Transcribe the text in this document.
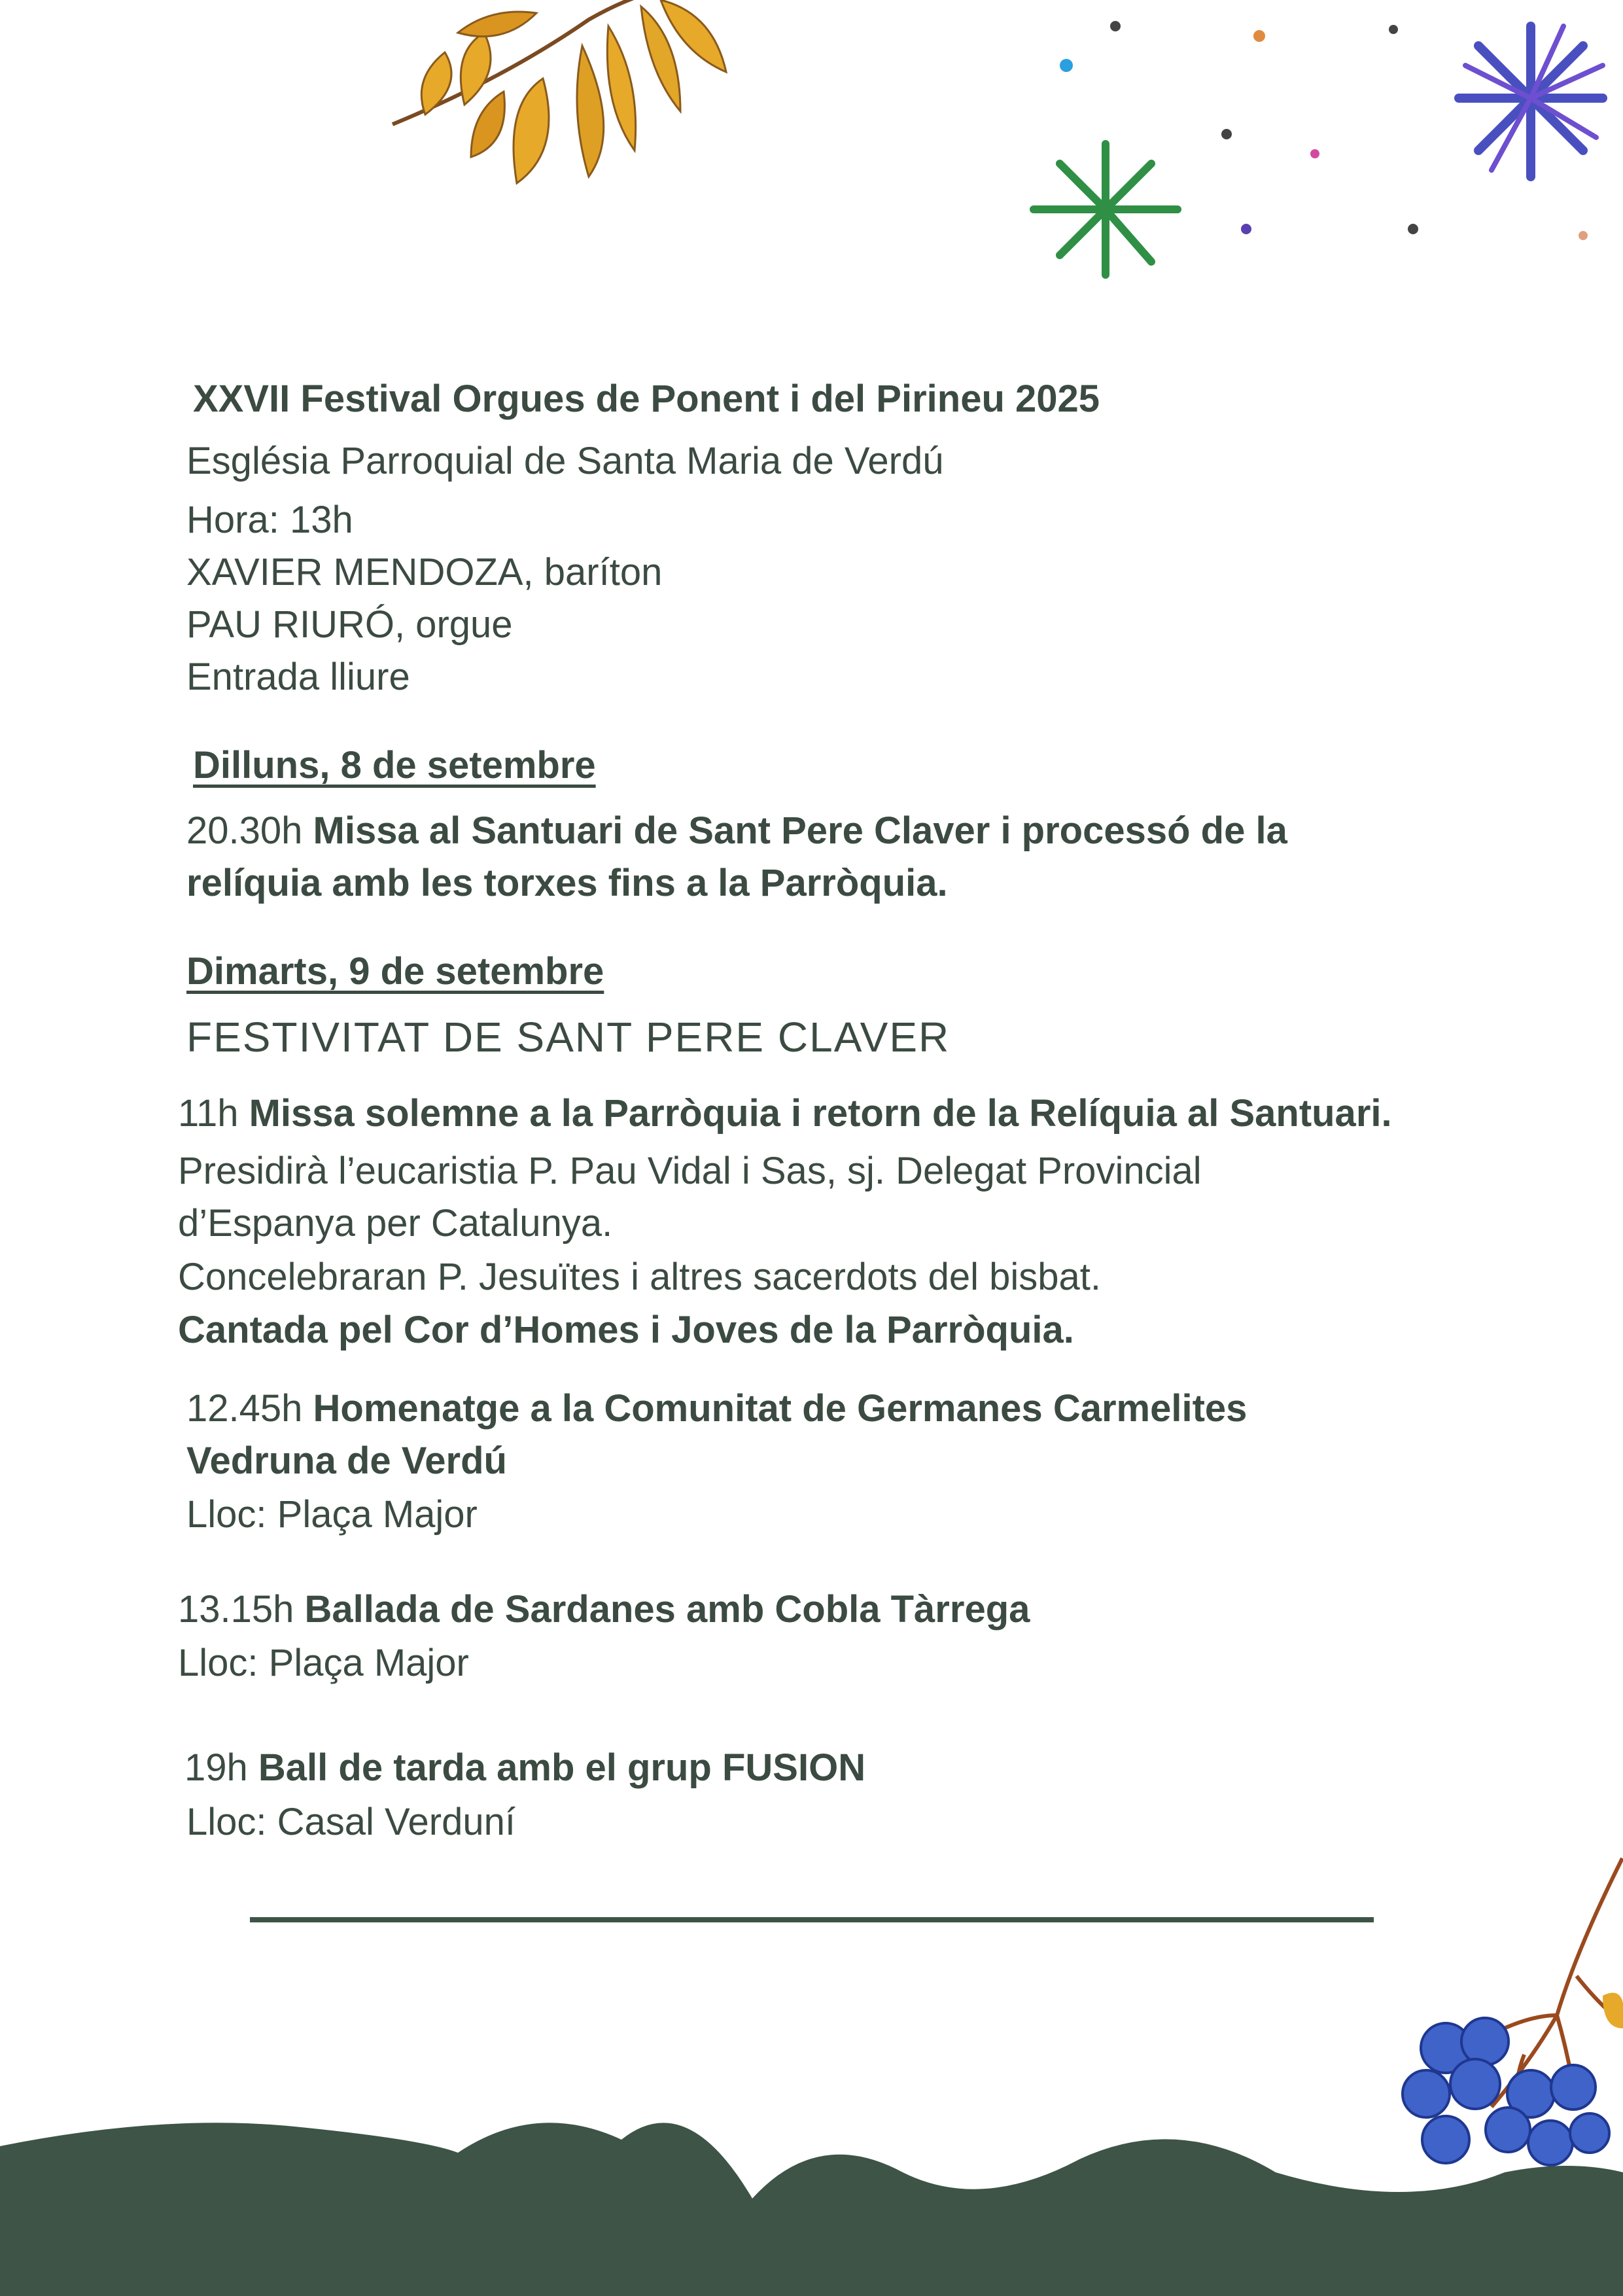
XXVII Festival Orgues de Ponent i del Pirineu 2025
Església Parroquial de Santa Maria de Verdú
Hora: 13h
XAVIER MENDOZA, baríton
PAU RIURÓ, orgue
Entrada lliure
Dilluns, 8 de setembre
20.30h Missa al Santuari de Sant Pere Claver i processó de la
relíquia amb les torxes fins a la Parròquia.
Dimarts, 9 de setembre
FESTIVITAT DE SANT PERE CLAVER
11h Missa solemne a la Parròquia i retorn de la Relíquia al Santuari.
Presidirà l’eucaristia P. Pau Vidal i Sas, sj. Delegat Provincial
d’Espanya per Catalunya.
Concelebraran P. Jesuïtes i altres sacerdots del bisbat.
Cantada pel Cor d’Homes i Joves de la Parròquia.
12.45h Homenatge a la Comunitat de Germanes Carmelites
Vedruna de Verdú
Lloc: Plaça Major
13.15h Ballada de Sardanes amb Cobla Tàrrega
Lloc: Plaça Major
19h Ball de tarda amb el grup FUSION
Lloc: Casal Verduní
